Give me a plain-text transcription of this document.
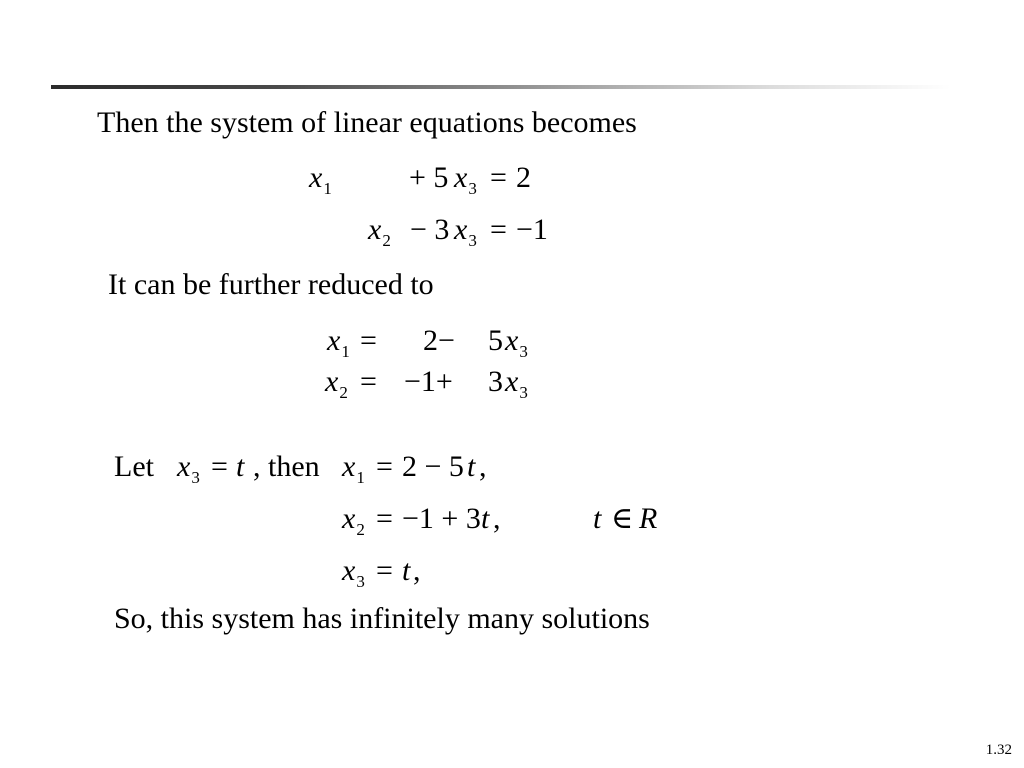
Then the system of linear equations becomes
$x_1$	+ 5 $x_3 = 2$
$x_2 - 3$ $x_3 = -1$
It can be further reduced to
$x_1 = 2- 5$ $x_3$
$x_2 = -1+ 3$ $x_3$
Let $x_3 = t$ , then $x_1 = 2 - 5$ t ,
$x_2 = -1 + 3$ t ,	t ∈ R
$x_3 = t$ ,
So, this system has infinitely many solutions
1.32
